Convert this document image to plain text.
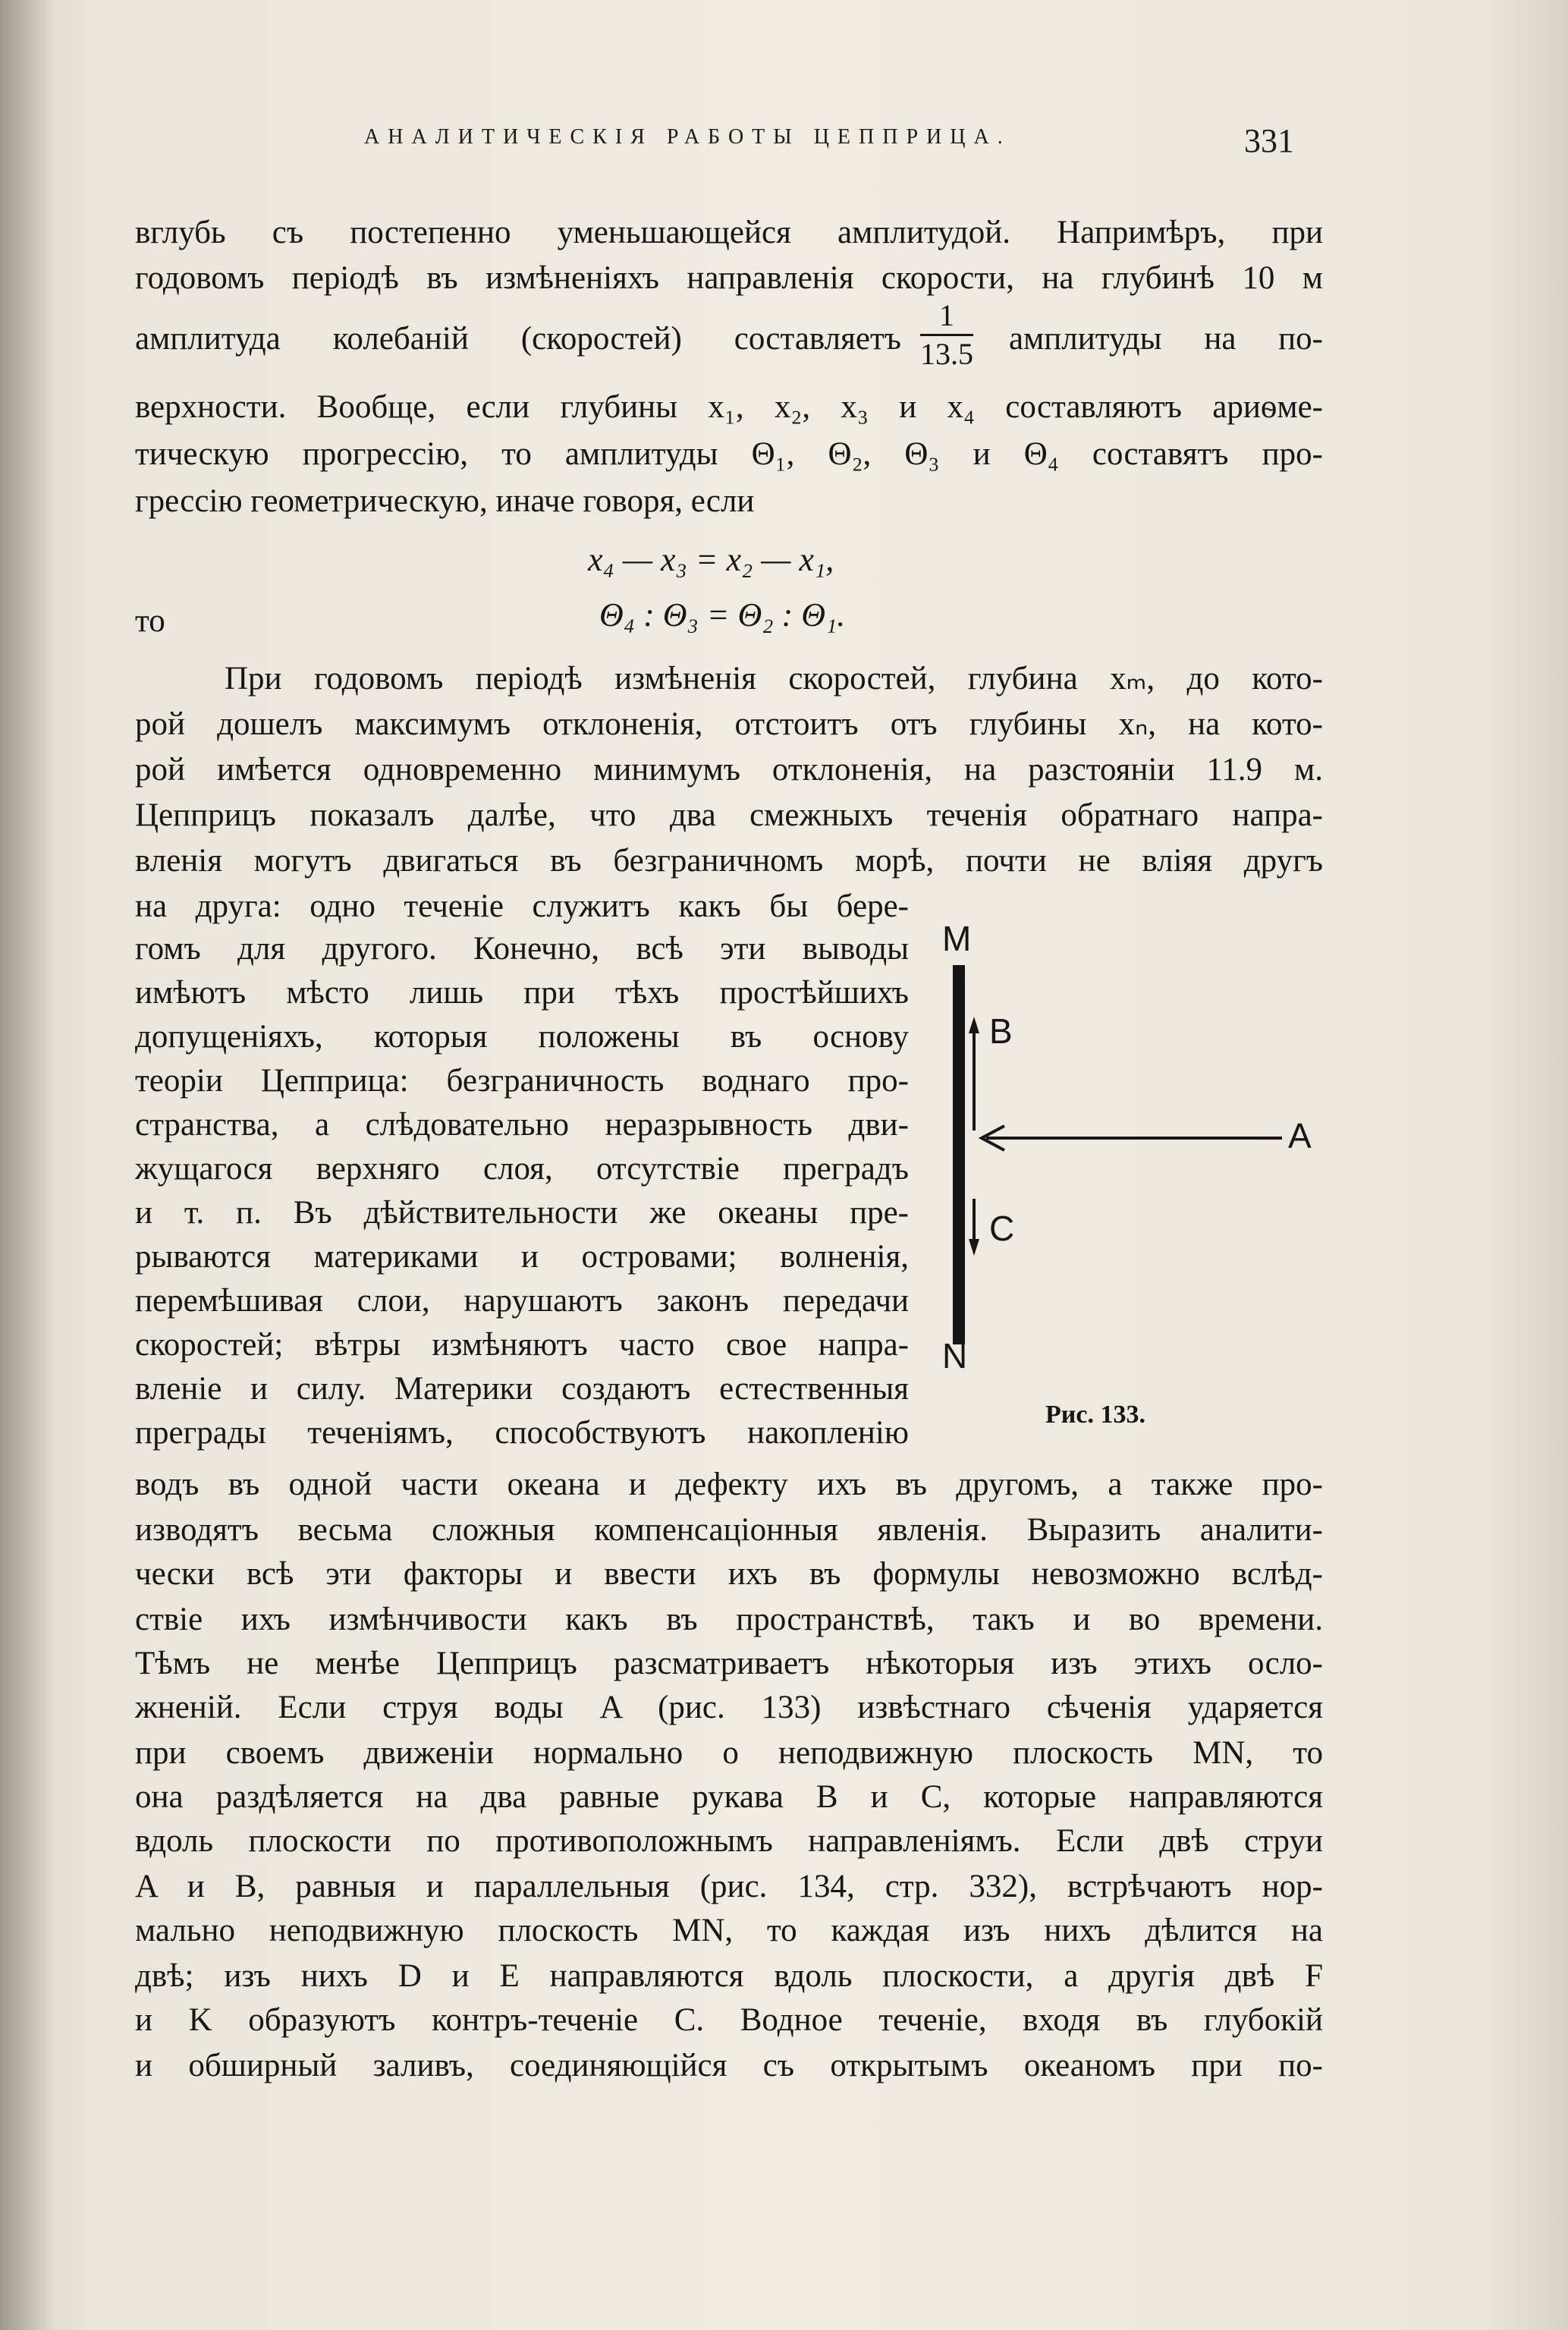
АНАЛИТИЧЕСКІЯ РАБОТЫ ЦЕППРИЦА.	331
вглубь съ постепенно уменьшающейся амплитудой. Напримѣръ, при
годовомъ періодѣ въ измѣненіяхъ направленія скорости, на глубинѣ 10 м
амплитуда колебаній (скоростей) составляетъ
1
13.5 амплитуды на по-
верхности. Вообще, если глубины x₁, x₂, x₃ и x₄ составляютъ ариѳме-
тическую прогрессію, то амплитуды Θ₁, Θ₂, Θ₃ и Θ₄ составятъ про-
грессію геометрическую, иначе говоря, если
x₄ — x₃ = x₂ — x₁,
то	Θ₄ : Θ₃ = Θ₂ : Θ₁.
При годовомъ періодѣ измѣненія скоростей, глубина xₘ, до кото-
рой дошелъ максимумъ отклоненія, отстоитъ отъ глубины xₙ, на кото-
рой имѣется одновременно минимумъ отклоненія, на разстояніи 11.9 м.
Цепприцъ показалъ далѣе, что два смежныхъ теченія обратнаго напра-
вленія могутъ двигаться въ безграничномъ морѣ, почти не вліяя другъ
на друга: одно теченіе служитъ какъ бы бере-
гомъ для другого. Конечно, всѣ эти выводы
имѣютъ мѣсто лишь при тѣхъ простѣйшихъ
допущеніяхъ, которыя положены въ основу
теоріи Цепприца: безграничность воднаго про-
странства, а слѣдовательно неразрывность дви-
жущагося верхняго слоя, отсутствіе преградъ
и т. п. Въ дѣйствительности же океаны пре-
рываются материками и островами; волненія,
перемѣшивая слои, нарушаютъ законъ передачи
скоростей; вѣтры измѣняютъ часто свое напра-
вленіе и силу. Материки создаютъ естественныя
преграды теченіямъ, способствуютъ накопленію
водъ въ одной части океана и дефекту ихъ въ другомъ, а также про-
изводятъ весьма сложныя компенсаціонныя явленія. Выразить аналити-
чески всѣ эти факторы и ввести ихъ въ формулы невозможно вслѣд-
ствіе ихъ измѣнчивости какъ въ пространствѣ, такъ и во времени.
Тѣмъ не менѣе Цепприцъ разсматриваетъ нѣкоторыя изъ этихъ ослo-
жненій. Если струя воды A (рис. 133) извѣстнаго сѣченія ударяется
при своемъ движеніи нормально о неподвижную плоскость MN, то
она раздѣляется на два равные рукава B и C, которые направляются
вдоль плоскости по противоположнымъ направленіямъ. Если двѣ струи
A и B, равныя и параллельныя (рис. 134, стр. 332), встрѣчаютъ нор-
мально неподвижную плоскость MN, то каждая изъ нихъ дѣлится на
двѣ; изъ нихъ D и E направляются вдоль плоскости, а другія двѣ F
и K образуютъ контръ-теченіе C. Водное теченіе, входя въ глубокій
и обширный заливъ, соединяющійся съ открытымъ океаномъ при по-
M
N
B
C
A
Рис. 133.
